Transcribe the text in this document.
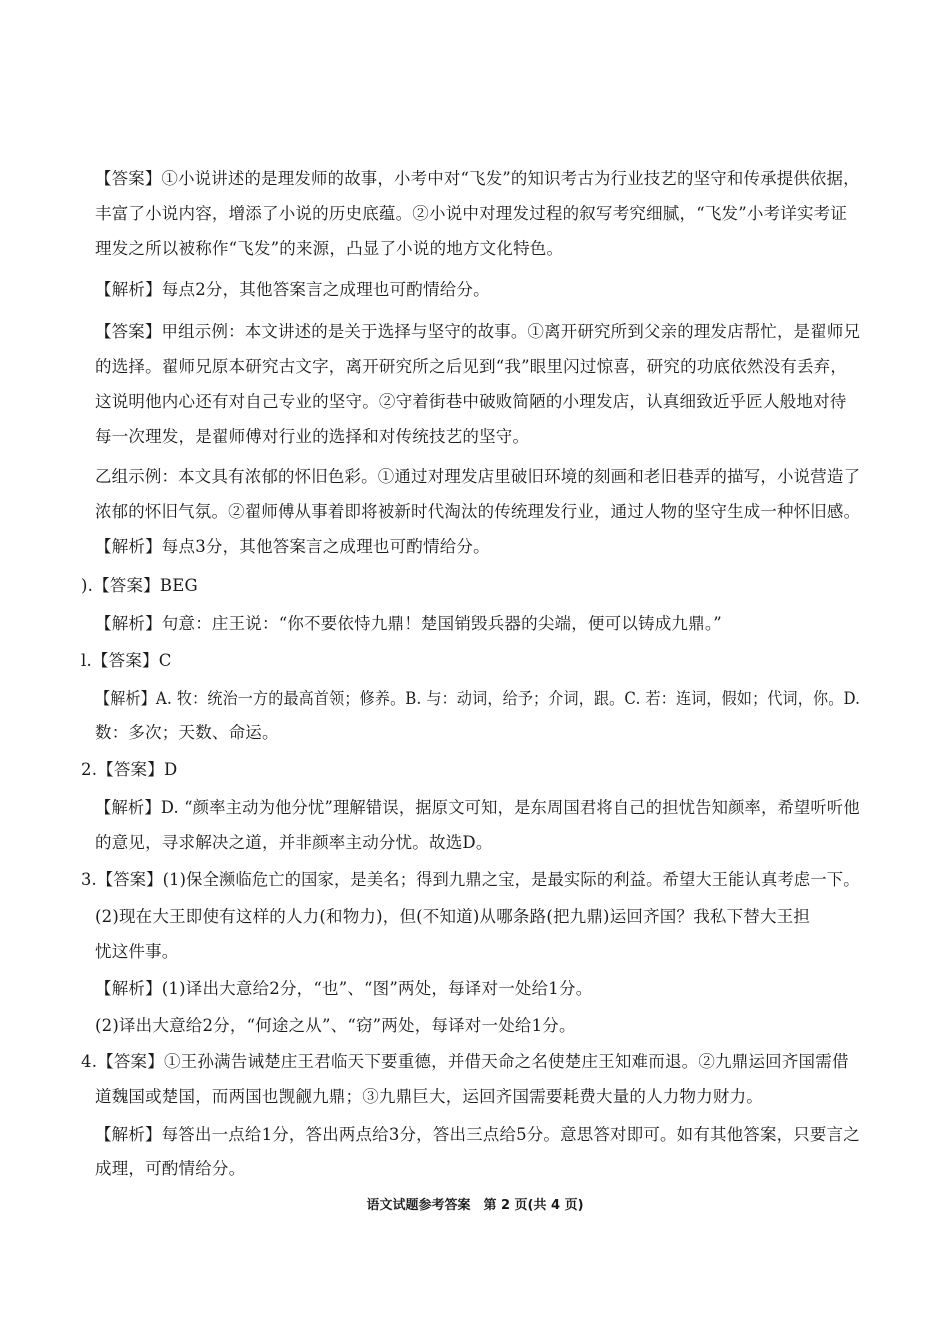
【答案】①小说讲述的是理发师的故事，小考中对“飞发”的知识考古为行业技艺的坚守和传承提供依据，
丰富了小说内容，增添了小说的历史底蕴。②小说中对理发过程的叙写考究细腻，“飞发”小考详实考证
理发之所以被称作“飞发”的来源，凸显了小说的地方文化特色。
【解析】每点2分，其他答案言之成理也可酌情给分。
【答案】甲组示例：本文讲述的是关于选择与坚守的故事。①离开研究所到父亲的理发店帮忙，是翟师兄
的选择。翟师兄原本研究古文字，离开研究所之后见到“我”眼里闪过惊喜，研究的功底依然没有丢弃，
这说明他内心还有对自己专业的坚守。②守着街巷中破败简陋的小理发店，认真细致近乎匠人般地对待
每一次理发，是翟师傅对行业的选择和对传统技艺的坚守。
乙组示例：本文具有浓郁的怀旧色彩。①通过对理发店里破旧环境的刻画和老旧巷弄的描写，小说营造了
浓郁的怀旧气氛。②翟师傅从事着即将被新时代淘汰的传统理发行业，通过人物的坚守生成一种怀旧感。
【解析】每点3分，其他答案言之成理也可酌情给分。
).【答案】BEG
【解析】句意：庄王说：“你不要依恃九鼎！楚国销毁兵器的尖端，便可以铸成九鼎。”
l.【答案】C
【解析】A. 牧：统治一方的最高首领；修养。B. 与：动词，给予；介词，跟。C. 若：连词，假如；代词，你。D.
数：多次；天数、命运。
2.【答案】D
【解析】D. “颜率主动为他分忧”理解错误，据原文可知，是东周国君将自己的担忧告知颜率，希望听听他
的意见，寻求解决之道，并非颜率主动分忧。故选D。
3.【答案】(1)保全濒临危亡的国家，是美名；得到九鼎之宝，是最实际的利益。希望大王能认真考虑一下。
(2)现在大王即使有这样的人力(和物力)，但(不知道)从哪条路(把九鼎)运回齐国？我私下替大王担
忧这件事。
【解析】(1)译出大意给2分，“也”、“图”两处，每译对一处给1分。
(2)译出大意给2分，“何途之从”、“窃”两处，每译对一处给1分。
4.【答案】①王孙满告诫楚庄王君临天下要重德，并借天命之名使楚庄王知难而退。②九鼎运回齐国需借
道魏国或楚国，而两国也觊觎九鼎；③九鼎巨大，运回齐国需要耗费大量的人力物力财力。
【解析】每答出一点给1分，答出两点给3分，答出三点给5分。意思答对即可。如有其他答案，只要言之
成理，可酌情给分。
语文试题参考答案　第 2 页(共 4 页)
